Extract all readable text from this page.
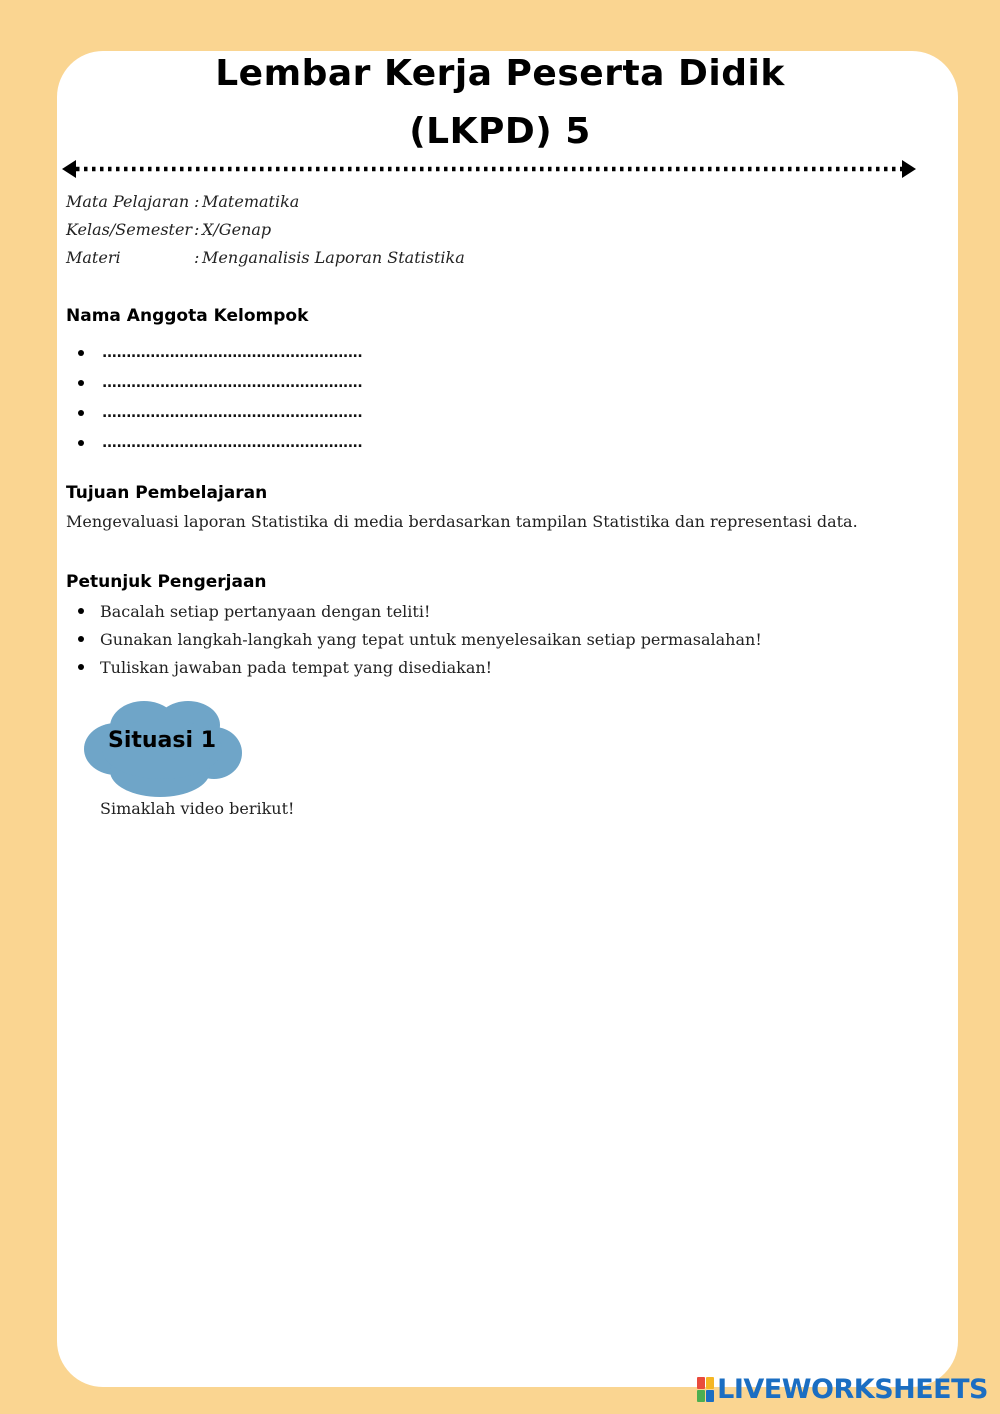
Lembar Kerja Peserta Didik
(LKPD) 5
Mata Pelajaran : Matematika
Kelas/Semester : X/Genap
Materi	: Menganalisis Laporan Statistika
Nama Anggota Kelompok
......................................................
......................................................
......................................................
......................................................
Tujuan Pembelajaran
Mengevaluasi laporan Statistika di media berdasarkan tampilan Statistika dan representasi data.
Petunjuk Pengerjaan
Bacalah setiap pertanyaan dengan teliti!
Gunakan langkah-langkah yang tepat untuk menyelesaikan setiap permasalahan!
Tuliskan jawaban pada tempat yang disediakan!
Situasi 1
Simaklah video berikut!
LIVEWORKSHEETS
